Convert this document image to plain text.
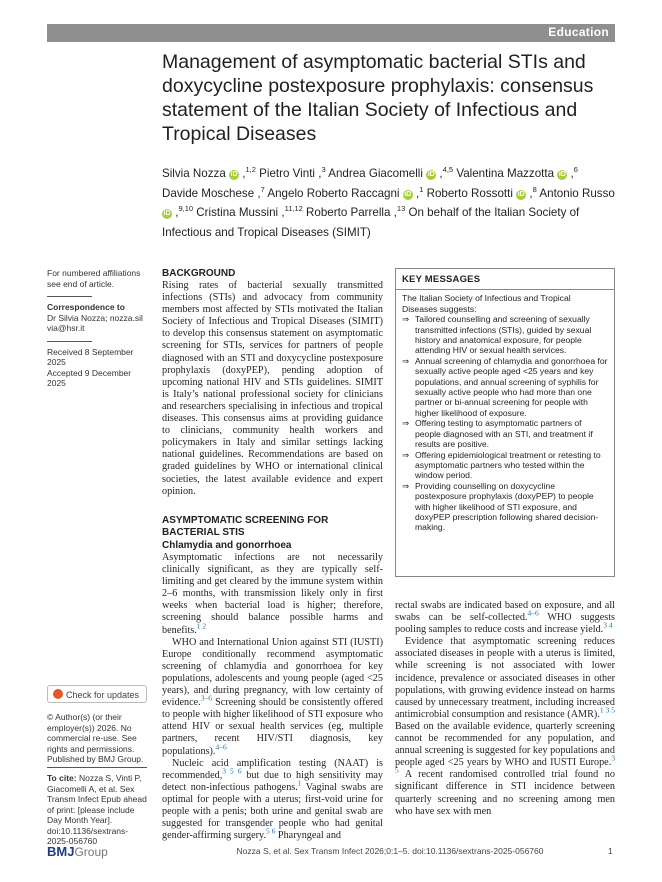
Education
Management of asymptomatic bacterial STIs and doxycycline postexposure prophylaxis: consensus statement of the Italian Society of Infectious and Tropical Diseases
Silvia Nozza iD ,$^{1,2}$ Pietro Vinti ,$^3$ Andrea Giacomelli iD ,$^{4,5}$ Valentina Mazzotta iD ,$^6$ Davide Moschese ,$^7$ Angelo Roberto Raccagni iD ,$^1$ Roberto Rossotti iD ,$^8$ Antonio Russo iD ,$^{9,10}$ Cristina Mussini ,$^{11,12}$ Roberto Parrella ,$^{13}$ On behalf of the Italian Society of Infectious and Tropical Diseases (SIMIT)
For numbered affiliations see end of article.
Correspondence to
Dr Silvia Nozza; nozza.silvia@hsr.it
Received 8 September 2025
Accepted 9 December 2025
Check for updates
© Author(s) (or their employer(s)) 2026. No commercial re-use. See rights and permissions. Published by BMJ Group.
To cite: Nozza S, Vinti P, Giacomelli A, et al. Sex Transm Infect Epub ahead of print: [please include Day Month Year]. doi:10.1136/sextrans-2025-056760
BACKGROUND

Rising rates of bacterial sexually transmitted infections (STIs) and advocacy from community members most affected by STIs motivated the Italian Society of Infectious and Tropical Diseases (SIMIT) to develop this consensus statement on asymptomatic screening for STIs, services for partners of people diagnosed with an STI and doxycycline postexposure prophylaxis (doxyPEP), pending adoption of upcoming national HIV and STIs guidelines. SIMIT is Italy’s national professional society for clinicians and researchers specialising in infectious and tropical diseases. This consensus aims at providing guidance to clinicians, community health workers and policymakers in Italy and similar settings lacking national guidelines. Recommendations are based on graded guidelines by WHO or international clinical societies, the latest available evidence and expert opinion.

ASYMPTOMATIC SCREENING FOR BACTERIAL STIS
Chlamydia and gonorrhoea

Asymptomatic infections are not necessarily clinically significant, as they are typically self-limiting and get cleared by the immune system within 2–6 months, with transmission likely only in first weeks when bacterial load is higher; therefore, screening should balance possible harms and benefits.$^{1 2}$

WHO and International Union against STI (IUSTI) Europe conditionally recommend asymptomatic screening of chlamydia and gonorrhoea for key populations, adolescents and young people (aged <25 years), and during pregnancy, with low certainty of evidence.$^{3-6}$ Screening should be consistently offered to people with higher likelihood of STI exposure who attend HIV or sexual health services (eg, multiple partners, recent HIV/STI diagnosis, key populations).$^{4-6}$

Nucleic acid amplification testing (NAAT) is recommended,$^{3 5 6}$ but due to high sensitivity may detect non-infectious pathogens.$^1$ Vaginal swabs are optimal for people with a uterus; first-void urine for people with a penis; both urine and genital swab are suggested for transgender people who had genital gender-affirming surgery.$^{5 6}$ Pharyngeal and

KEY MESSAGES
The Italian Society of Infectious and Tropical Diseases suggests:
⇒ Tailored counselling and screening of sexually transmitted infections (STIs), guided by sexual history and anatomical exposure, for people attending HIV or sexual health services.
⇒ Annual screening of chlamydia and gonorrhoea for sexually active people aged <25 years and key populations, and annual screening of syphilis for sexually active people who had more than one partner or bi-annual screening for people with higher likelihood of exposure.
⇒ Offering testing to asymptomatic partners of people diagnosed with an STI, and treatment if results are positive.
⇒ Offering epidemiological treatment or retesting to asymptomatic partners who tested within the window period.
⇒ Providing counselling on doxycycline postexposure prophylaxis (doxyPEP) to people with higher likelihood of STI exposure, and doxyPEP prescription following shared decision-making.

rectal swabs are indicated based on exposure, and all swabs can be self-collected.$^{4-6}$ WHO suggests pooling samples to reduce costs and increase yield.$^{3 4}$

Evidence that asymptomatic screening reduces associated diseases in people with a uterus is limited, while screening is not associated with lower incidence, prevalence or associated diseases in other populations, with growing evidence instead on harms caused by unnecessary treatment, including increased antimicrobial consumption and resistance (AMR).$^{1 3 5}$ Based on the available evidence, quarterly screening cannot be recommended for any population, and annual screening is suggested for key populations and people aged <25 years by WHO and IUSTI Europe.$^{3 5}$ A recent randomised controlled trial found no significant difference in STI incidence between quarterly screening and no screening among men who have sex with men

BMJGroup	Nozza S, et al. Sex Transm Infect 2026;0:1–5. doi:10.1136/sextrans-2025-056760	1
